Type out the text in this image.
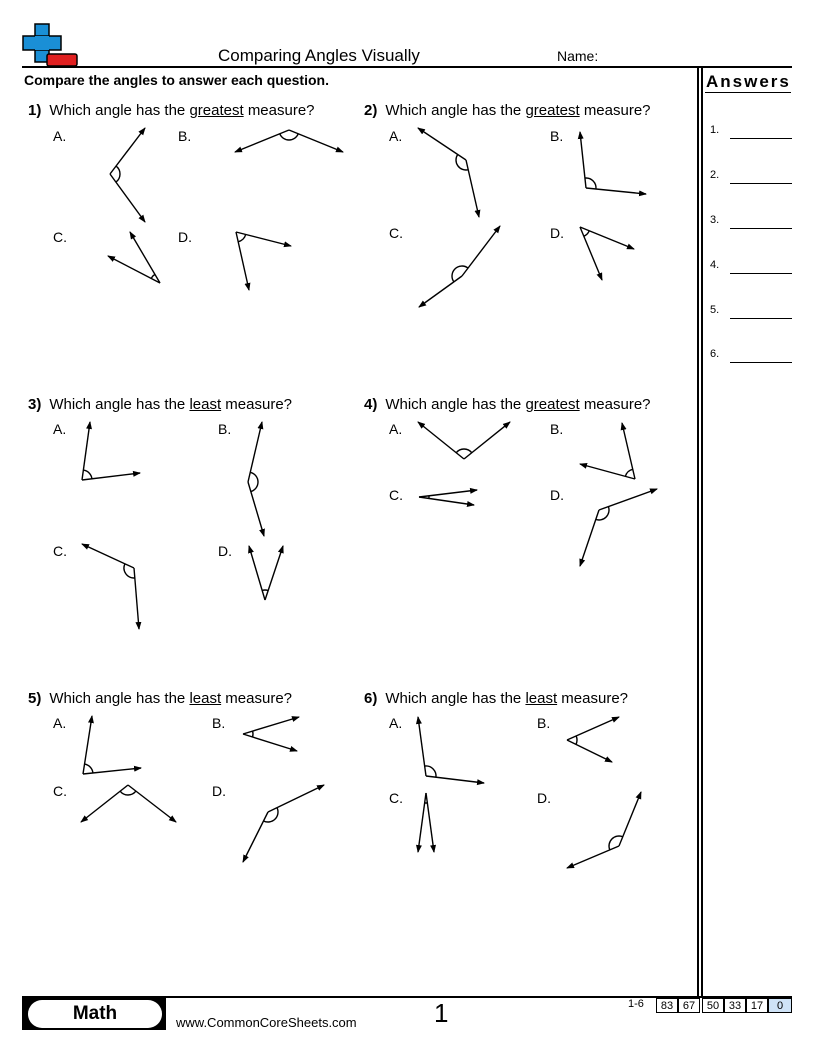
Comparing Angles Visually	Name:
Compare the angles to answer each question.	Answers
1.
2.
3.
4.
5.
6.
1) Which angle has the greatest measure?
A.	B.
C.	D.
2) Which angle has the greatest measure?
A.	B.
C.	D.
3) Which angle has the least measure?
A.	B.
C.	D.
4) Which angle has the greatest measure?
A.	B.
C.	D.
5) Which angle has the least measure?
A.	B.
C.	D.
6) Which angle has the least measure?
A.	B.
C.	D.
Math	www.CommonCoreSheets.com	1	1-6	83 67	50 33 17	0
